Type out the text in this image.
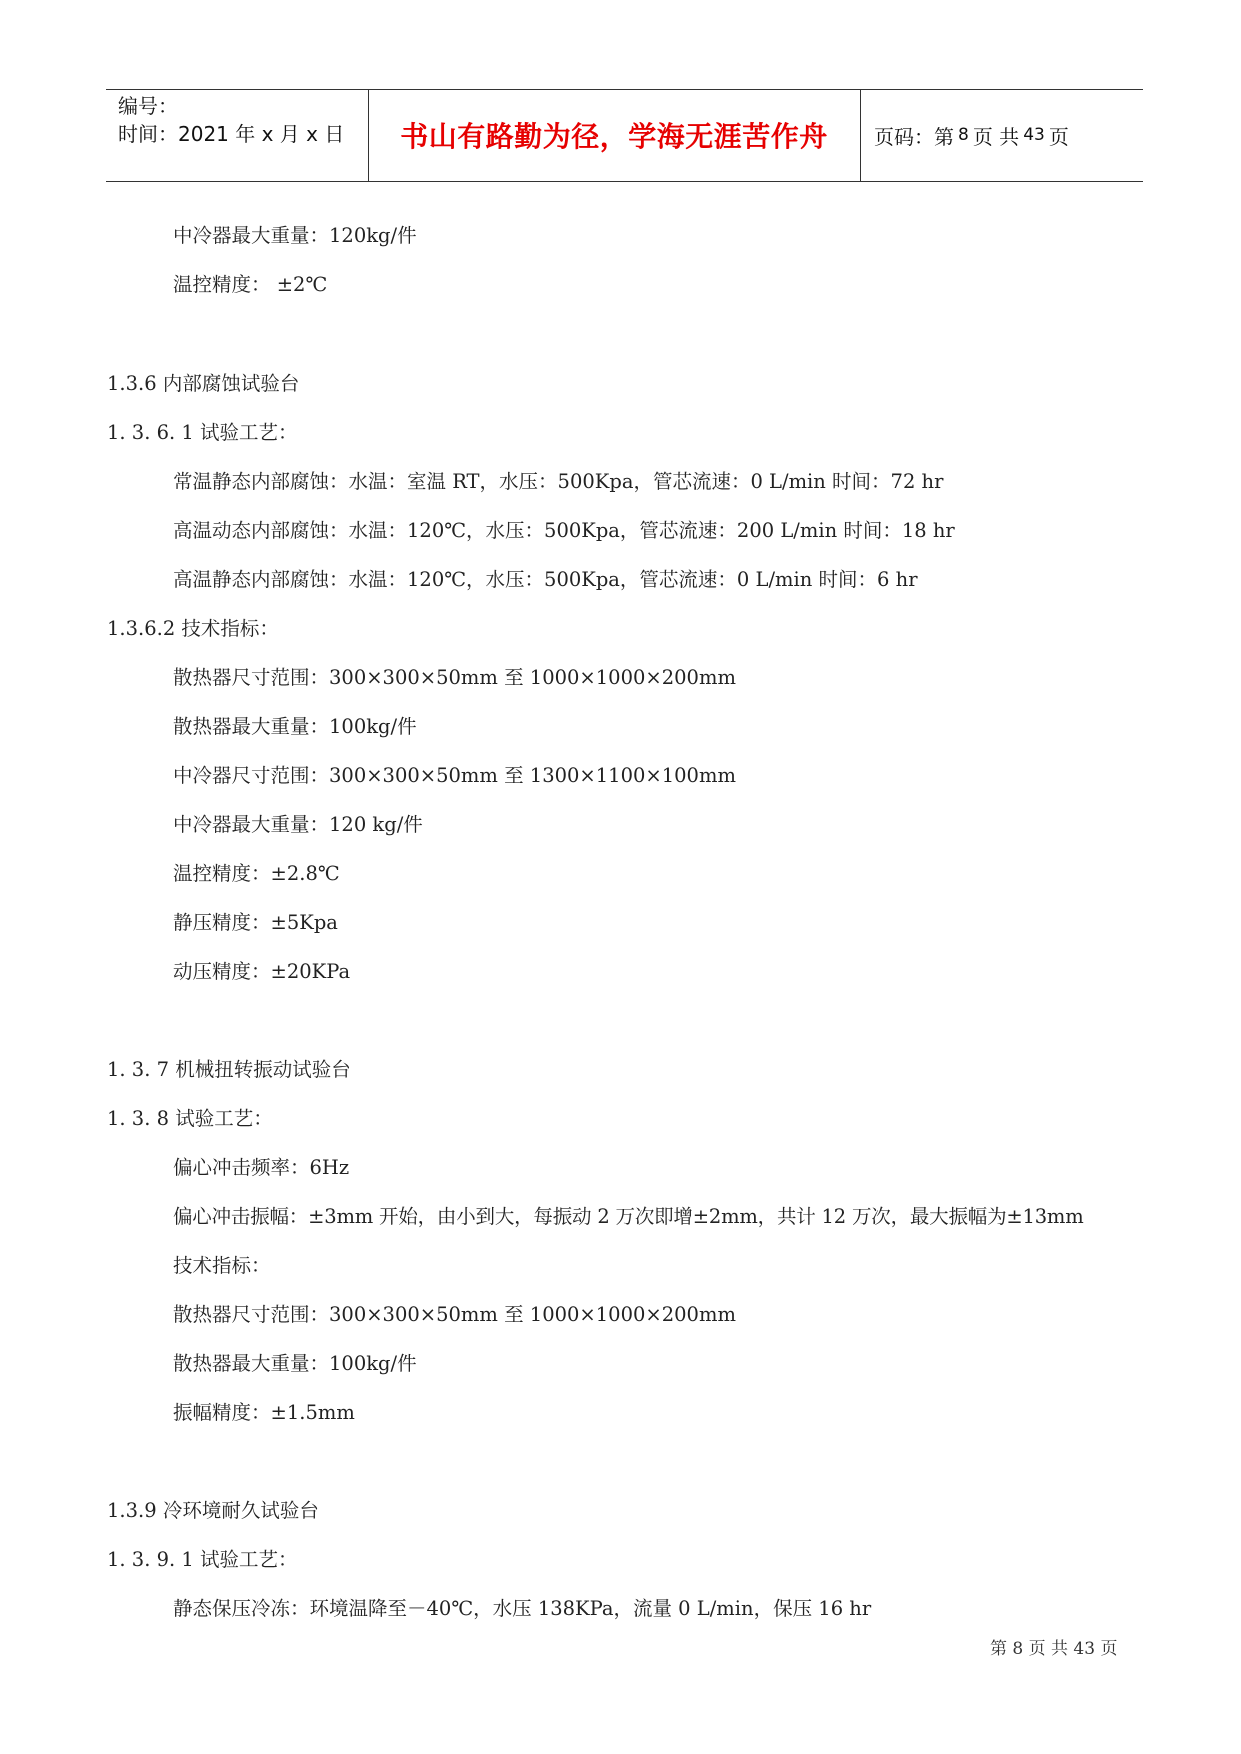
编号：
时间：2021 年 x 月 x 日	书山有路勤为径，学海无涯苦作舟	页码：第 8 页 共 43 页
中冷器最大重量：120kg/件
温控精度： ±2℃
1.3.6 内部腐蚀试验台
1. 3. 6. 1 试验工艺：
常温静态内部腐蚀：水温：室温 RT，水压：500Kpa，管芯流速：0 L/min 时间：72 hr
高温动态内部腐蚀：水温：120℃，水压：500Kpa，管芯流速：200 L/min 时间：18 hr
高温静态内部腐蚀：水温：120℃，水压：500Kpa，管芯流速：0 L/min 时间：6 hr
1.3.6.2 技术指标：
散热器尺寸范围：300×300×50mm 至 1000×1000×200mm
散热器最大重量：100kg/件
中冷器尺寸范围：300×300×50mm 至 1300×1100×100mm
中冷器最大重量：120 kg/件
温控精度：±2.8℃
静压精度：±5Kpa
动压精度：±20KPa
1. 3. 7 机械扭转振动试验台
1. 3. 8 试验工艺：
偏心冲击频率：6Hz
偏心冲击振幅：±3mm 开始，由小到大，每振动 2 万次即增±2mm，共计 12 万次，最大振幅为±13mm
技术指标：
散热器尺寸范围：300×300×50mm 至 1000×1000×200mm
散热器最大重量：100kg/件
振幅精度：±1.5mm
1.3.9 冷环境耐久试验台
1. 3. 9. 1 试验工艺：
静态保压冷冻：环境温降至－40℃，水压 138KPa，流量 0 L/min，保压 16 hr
第 8 页 共 43 页
